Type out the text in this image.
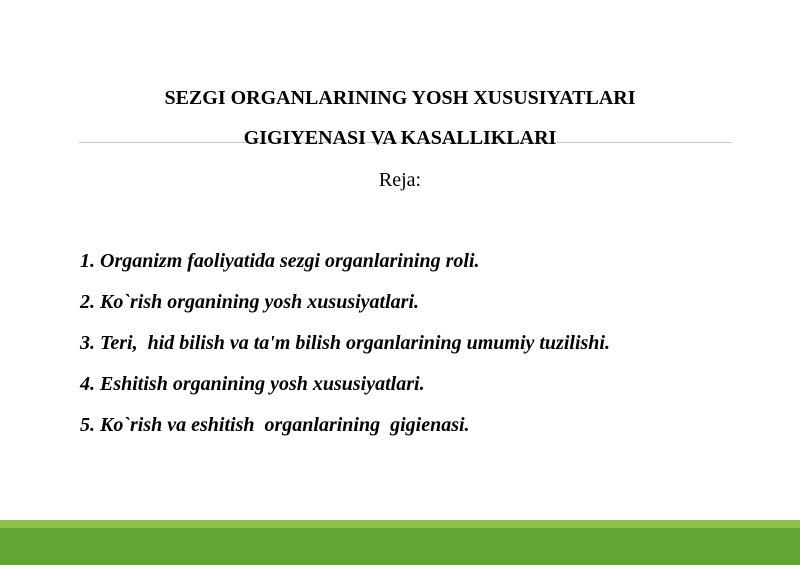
SEZGI ORGANLARINING YOSH XUSUSIYATLARI
GIGIYENASI VA KASALLIKLARI
Reja:
1. Organizm faoliyatida sezgi organlarining roli.
2. Ko`rish organining yosh xususiyatlari.
3. Teri,  hid bilish va ta'm bilish organlarining umumiy tuzilishi.
4. Eshitish organining yosh xususiyatlari.
5. Ko`rish va eshitish  organlarining  gigienasi.
